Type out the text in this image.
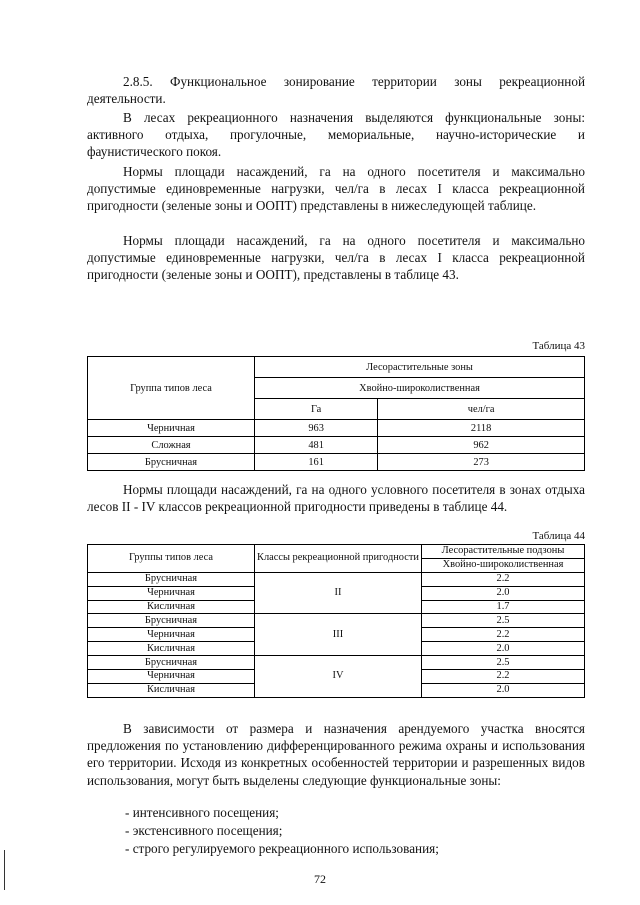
2.8.5. Функциональное зонирование территории зоны рекреационной деятельности.

В лесах рекреационного назначения выделяются функциональные зоны: активного отдыха, прогулочные, мемориальные, научно-исторические и фаунистического покоя.

Нормы площади насаждений, га на одного посетителя и максимально допустимые единовременные нагрузки, чел/га в лесах I класса рекреационной пригодности (зеленые зоны и ООПТ) представлены в нижеследующей таблице.

Нормы площади насаждений, га на одного посетителя и максимально допустимые единовременные нагрузки, чел/га в лесах I класса рекреационной пригодности (зеленые зоны и ООПТ), представлены в таблице 43.

Таблица 43

Группа типов леса	Лесорастительные зоны	
	Хвойно-широколиственная	
	Га	чел/га
Черничная	963	2118
Сложная	481	962
Брусничная	161	273

Нормы площади насаждений, га на одного условного посетителя в зонах отдыха лесов II - IV классов рекреационной пригодности приведены в таблице 44.

Таблица 44

Группы типов леса	Классы рекреационной пригодности	Лесорастительные подзоны
		Хвойно-широколиственная
Брусничная	II	2.2
Черничная		2.0
Кисличная		1.7
Брусничная	III	2.5
Черничная		2.2
Кисличная		2.0
Брусничная	IV	2.5
Черничная		2.2
Кисличная		2.0

В зависимости от размера и назначения арендуемого участка вносятся предложения по установлению дифференцированного режима охраны и использования его территории. Исходя из конкретных особенностей территории и разрешенных видов использования, могут быть выделены следующие функциональные зоны:

- интенсивного посещения;

- экстенсивного посещения;

- строго регулируемого рекреационного использования;

72
